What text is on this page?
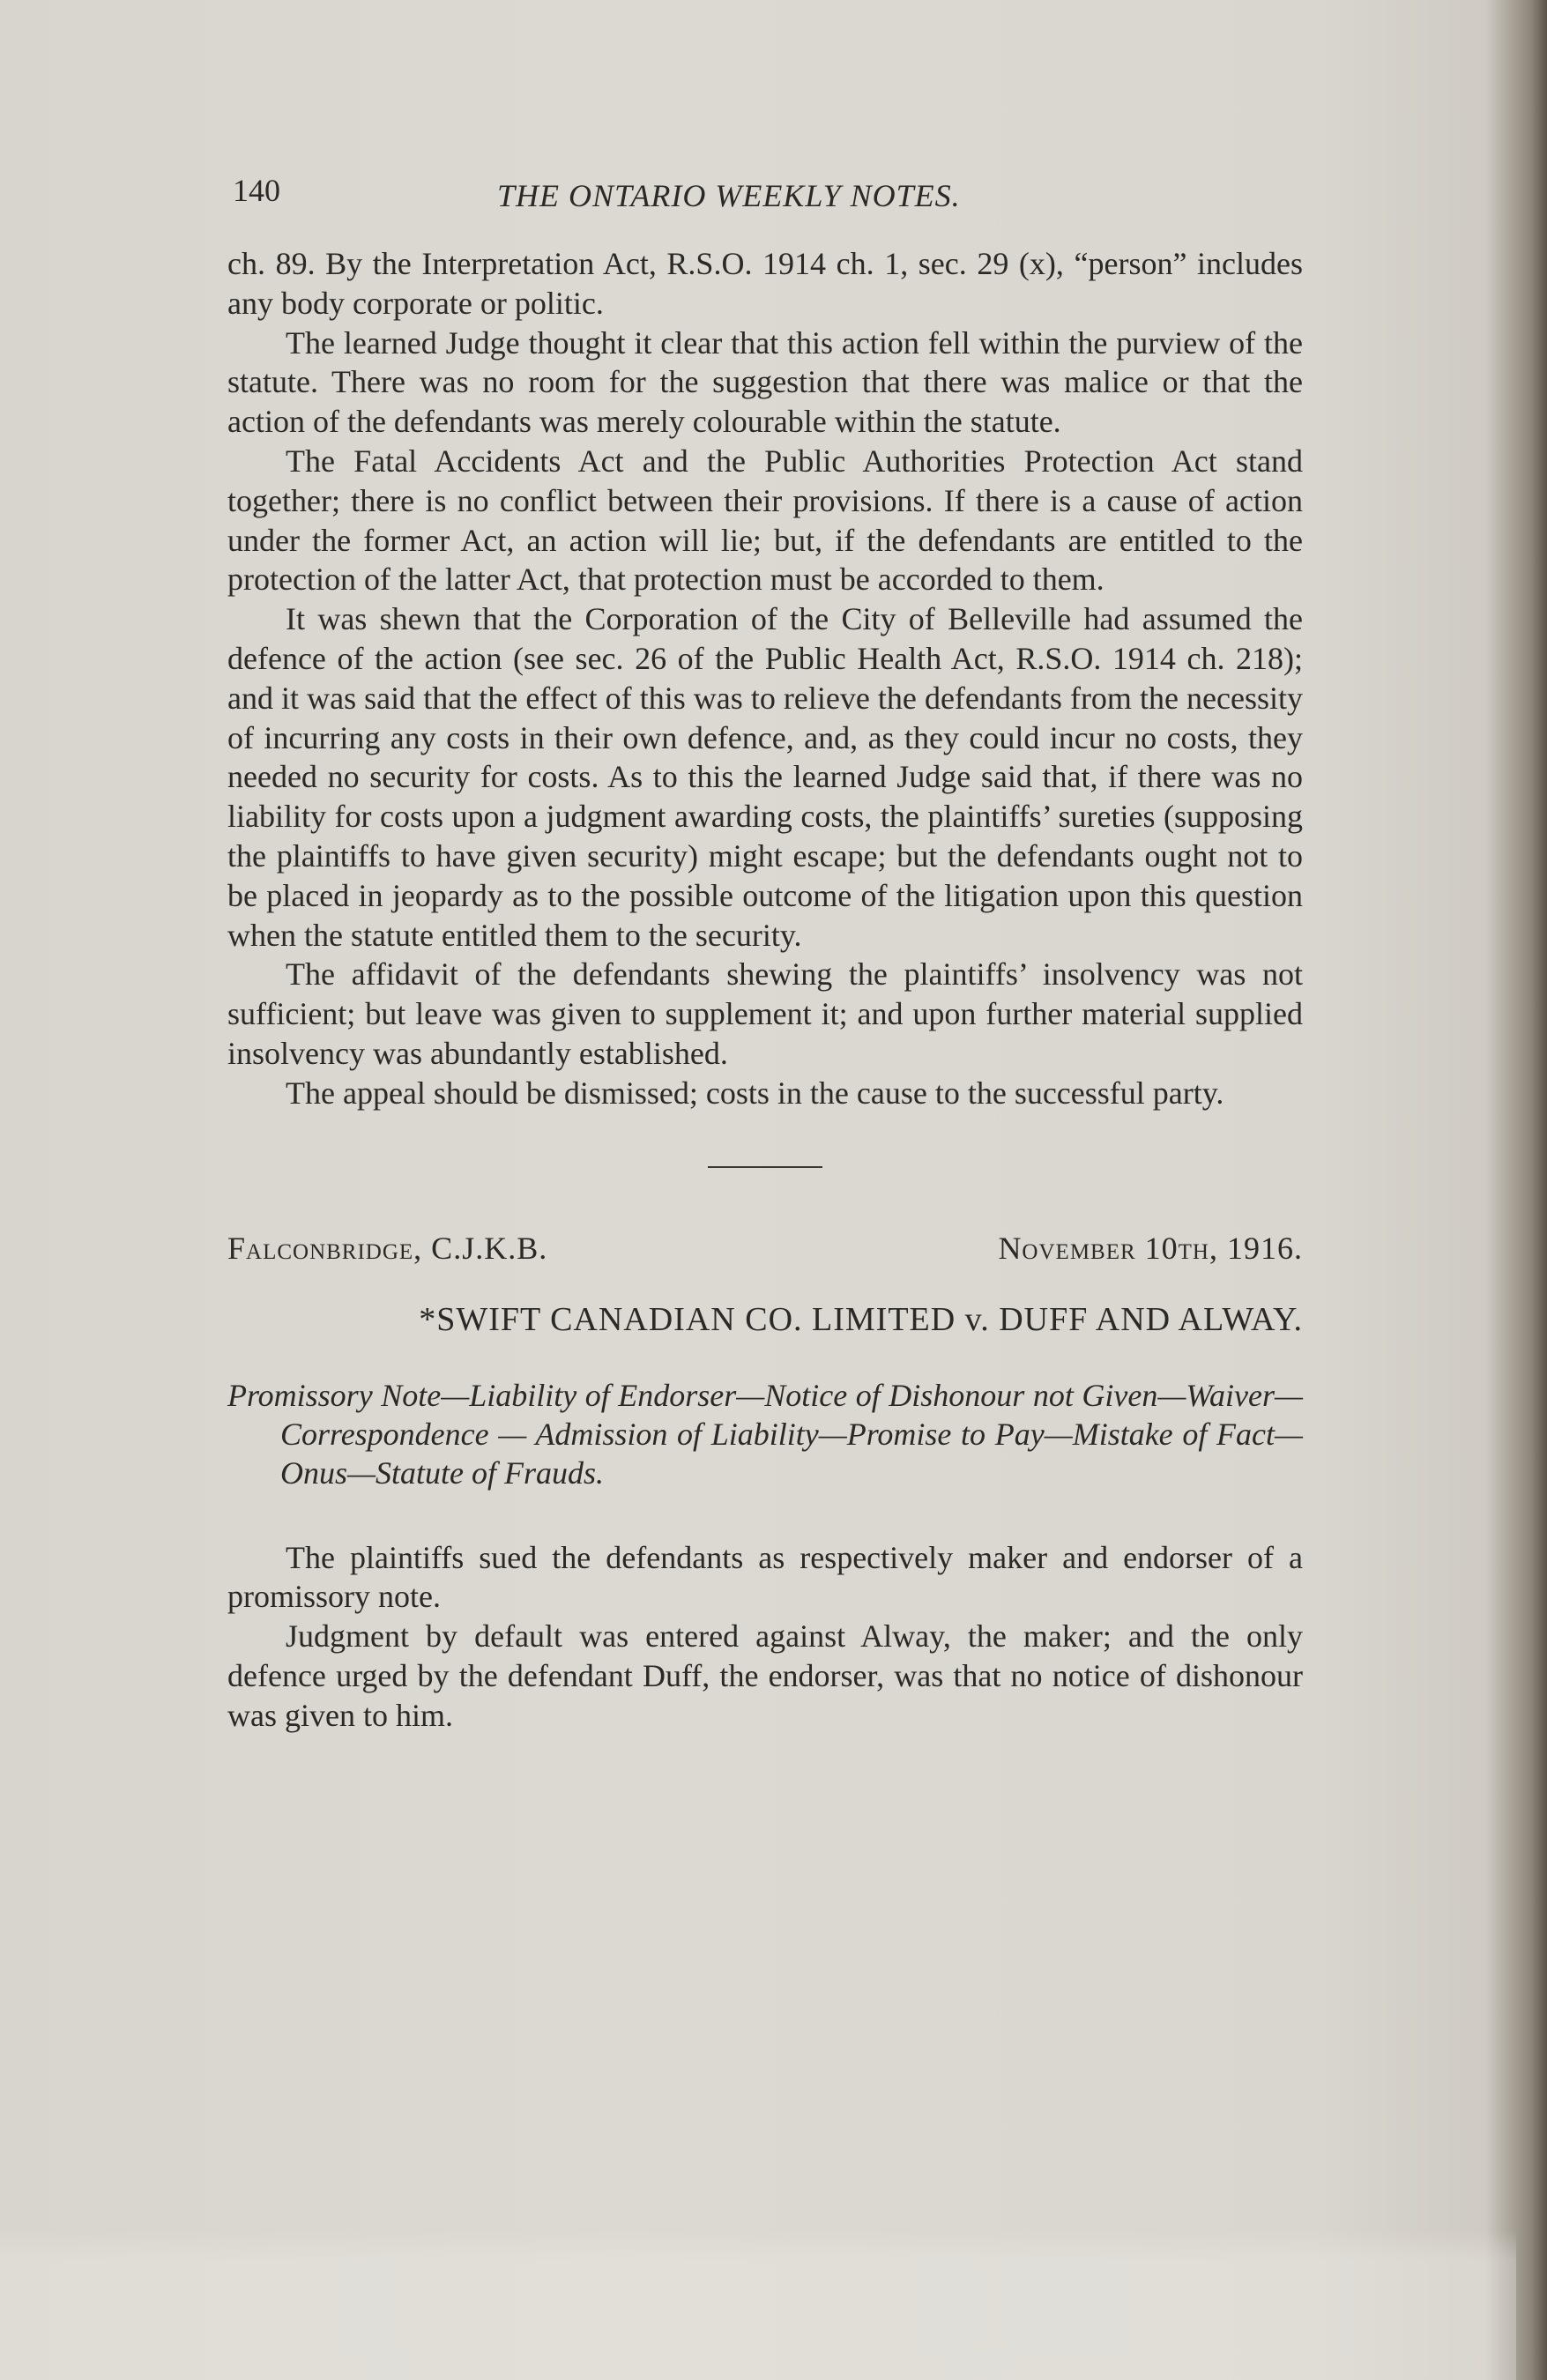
140	THE ONTARIO WEEKLY NOTES.

ch. 89. By the Interpretation Act, R.S.O. 1914 ch. 1, sec. 29 (x), “person” includes any body corporate or politic.

The learned Judge thought it clear that this action fell within the purview of the statute. There was no room for the suggestion that there was malice or that the action of the defendants was merely colourable within the statute.

The Fatal Accidents Act and the Public Authorities Protection Act stand together; there is no conflict between their provisions. If there is a cause of action under the former Act, an action will lie; but, if the defendants are entitled to the protection of the latter Act, that protection must be accorded to them.

It was shewn that the Corporation of the City of Belleville had assumed the defence of the action (see sec. 26 of the Public Health Act, R.S.O. 1914 ch. 218); and it was said that the effect of this was to relieve the defendants from the necessity of incurring any costs in their own defence, and, as they could incur no costs, they needed no security for costs. As to this the learned Judge said that, if there was no liability for costs upon a judgment awarding costs, the plaintiffs’ sureties (supposing the plaintiffs to have given security) might escape; but the defendants ought not to be placed in jeopardy as to the possible outcome of the litigation upon this question when the statute entitled them to the security.

The affidavit of the defendants shewing the plaintiffs’ insolvency was not sufficient; but leave was given to supplement it; and upon further material supplied insolvency was abundantly established.

The appeal should be dismissed; costs in the cause to the successful party.

Falconbridge, C.J.K.B.	November 10th, 1916.
*SWIFT CANADIAN CO. LIMITED v. DUFF AND ALWAY.
Promissory Note—Liability of Endorser—Notice of Dishonour not Given—Waiver—Correspondence — Admission of Liability—Promise to Pay—Mistake of Fact—Onus—Statute of Frauds.

The plaintiffs sued the defendants as respectively maker and endorser of a promissory note.

Judgment by default was entered against Alway, the maker; and the only defence urged by the defendant Duff, the endorser, was that no notice of dishonour was given to him.
